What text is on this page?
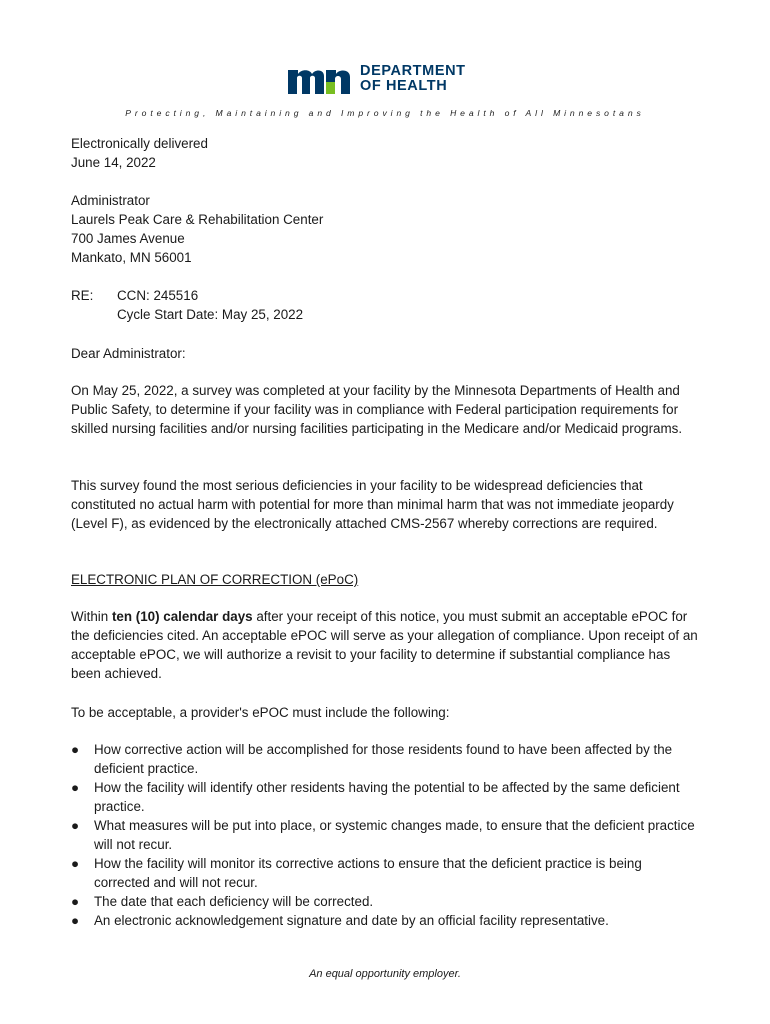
DEPARTMENT
OF HEALTH
Protecting, Maintaining and Improving the Health of All Minnesotans
Electronically delivered
June 14, 2022
Administrator
Laurels Peak Care & Rehabilitation Center
700 James Avenue
Mankato, MN 56001
RE: CCN: 245516
Cycle Start Date: May 25, 2022
Dear Administrator:
On May 25, 2022, a survey was completed at your facility by the Minnesota Departments of Health and Public Safety, to determine if your facility was in compliance with Federal participation requirements for skilled nursing facilities and/or nursing facilities participating in the Medicare and/or Medicaid programs.
This survey found the most serious deficiencies in your facility to be widespread deficiencies that constituted no actual harm with potential for more than minimal harm that was not immediate jeopardy (Level F), as evidenced by the electronically attached CMS-2567 whereby corrections are required.
ELECTRONIC PLAN OF CORRECTION (ePoC)
Within ten (10) calendar days after your receipt of this notice, you must submit an acceptable ePOC for the deficiencies cited. An acceptable ePOC will serve as your allegation of compliance. Upon receipt of an acceptable ePOC, we will authorize a revisit to your facility to determine if substantial compliance has been achieved.
To be acceptable, a provider's ePOC must include the following:
● How corrective action will be accomplished for those residents found to have been affected by the deficient practice.
● How the facility will identify other residents having the potential to be affected by the same deficient practice.
● What measures will be put into place, or systemic changes made, to ensure that the deficient practice will not recur.
● How the facility will monitor its corrective actions to ensure that the deficient practice is being corrected and will not recur.
● The date that each deficiency will be corrected.
● An electronic acknowledgement signature and date by an official facility representative.
An equal opportunity employer.
